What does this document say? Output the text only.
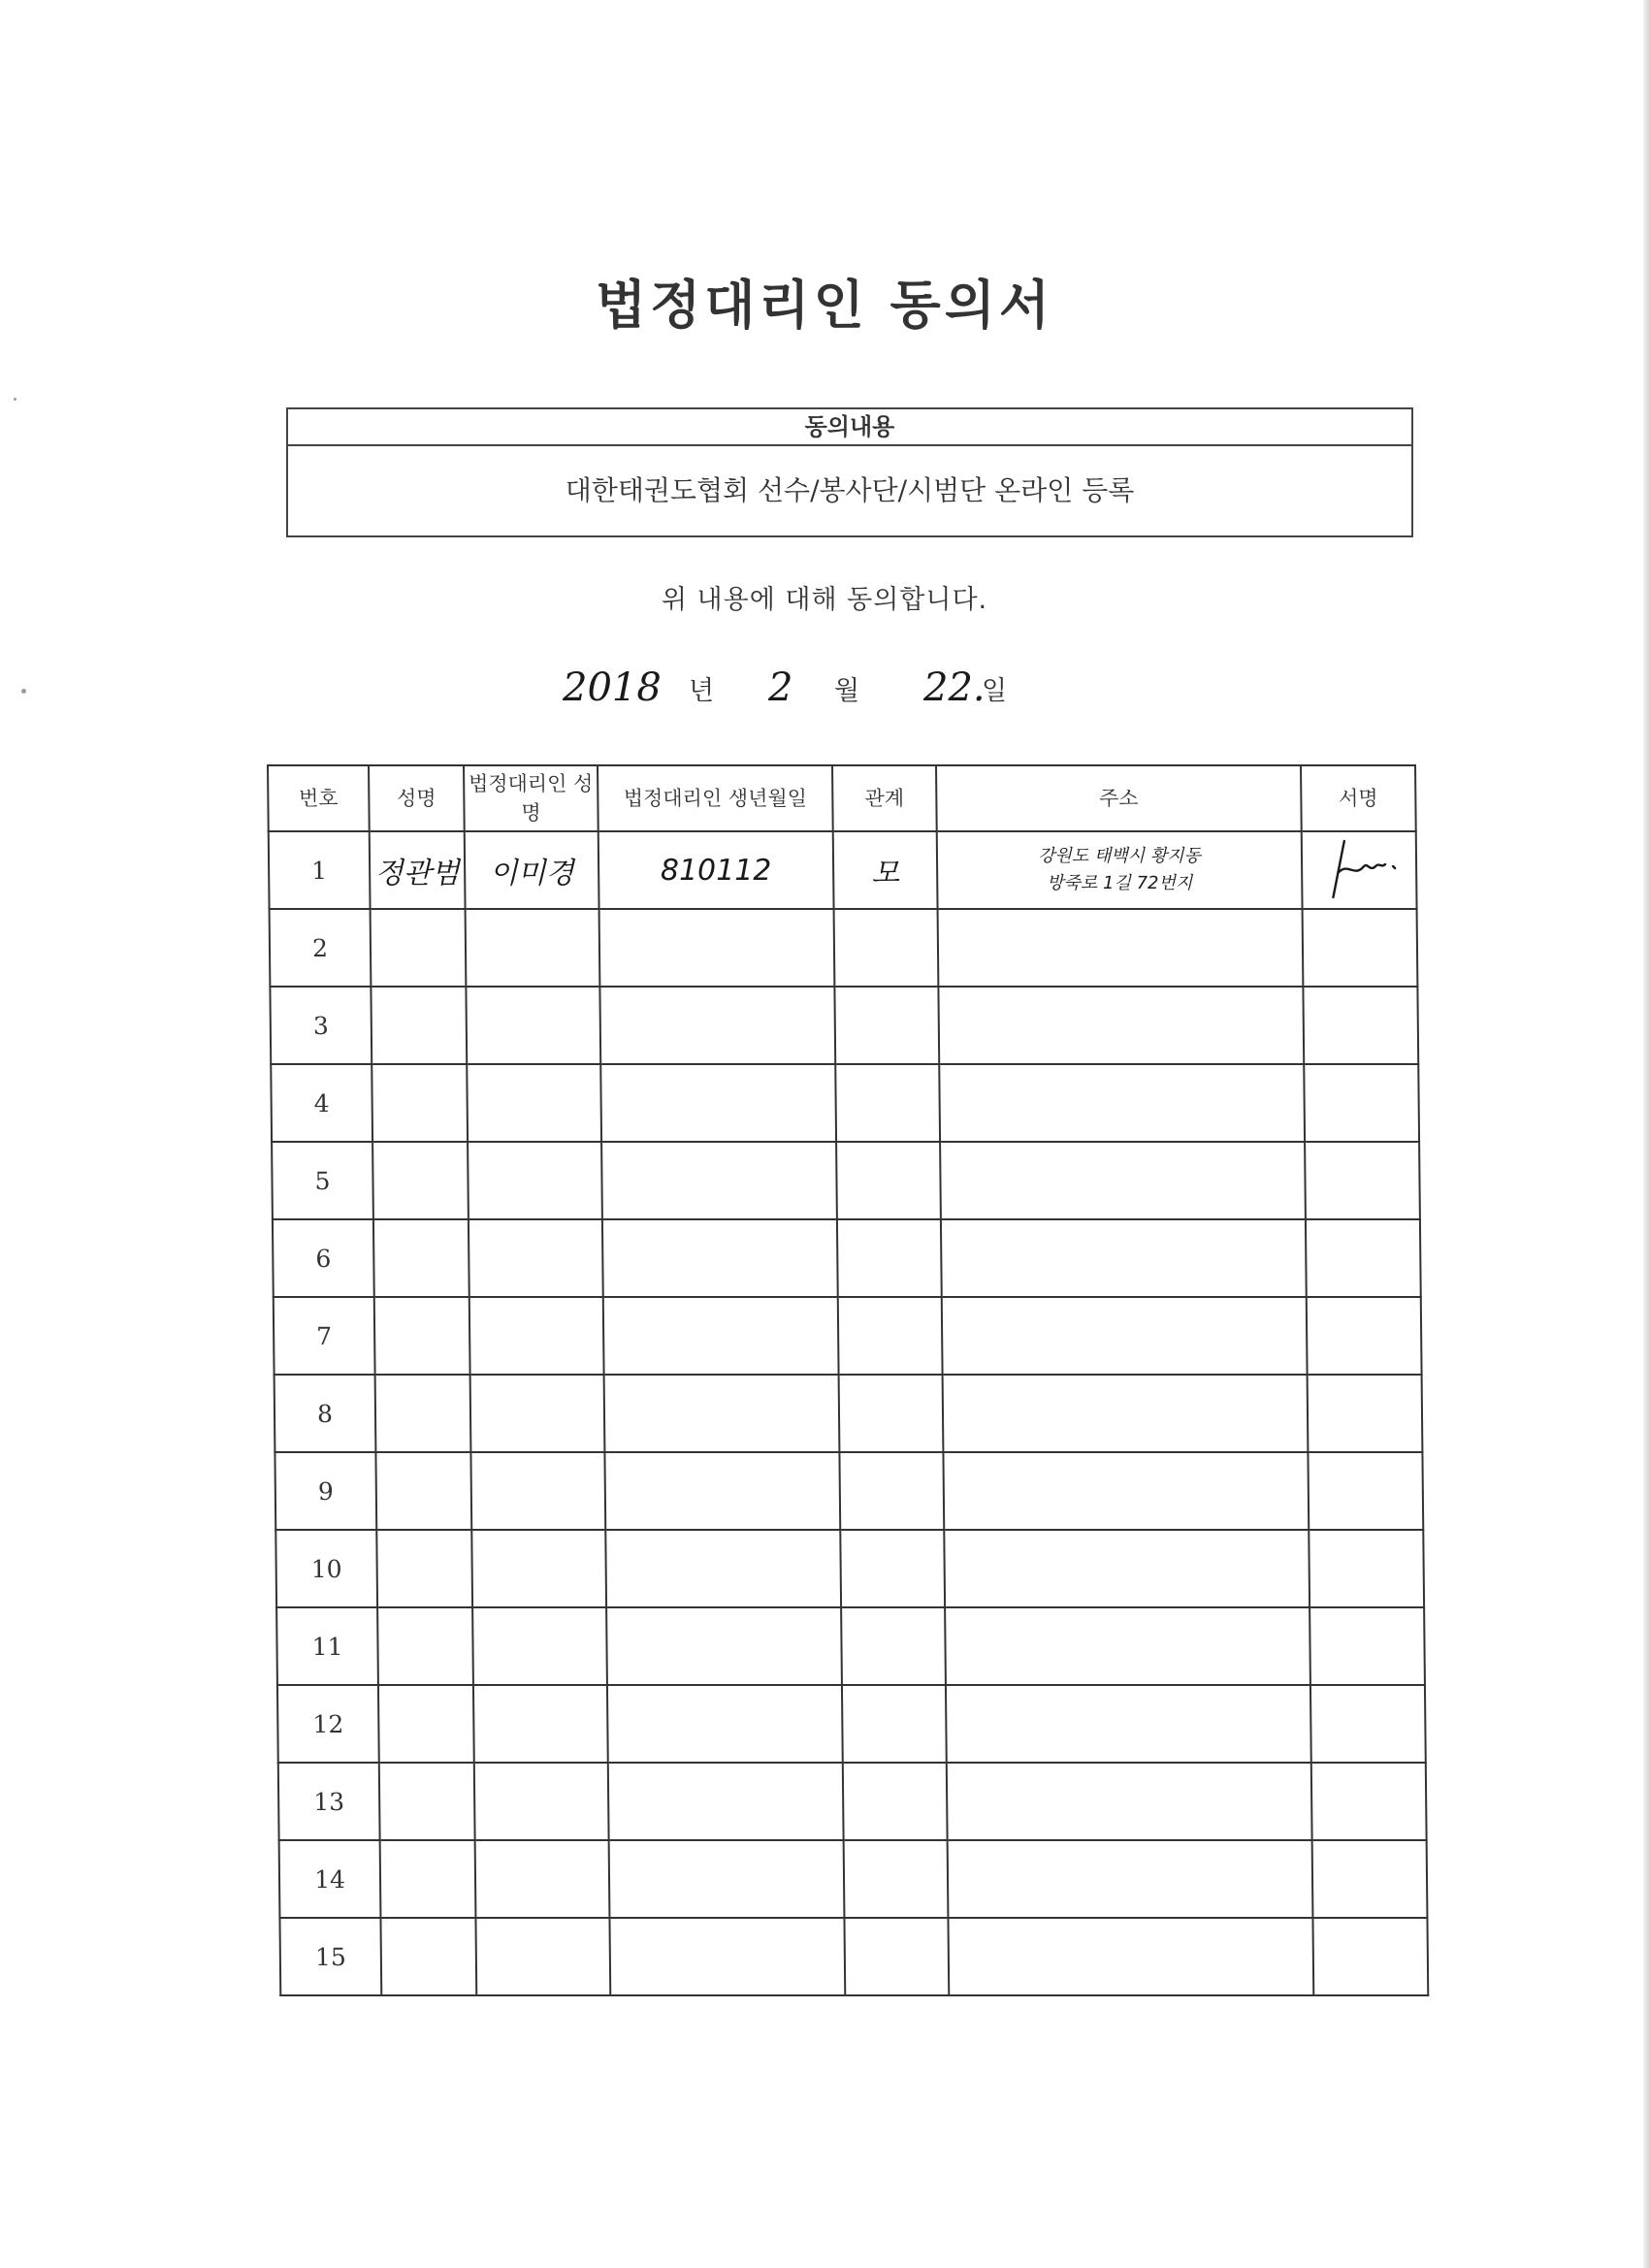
법정대리인 동의서
동의내용
대한태권도협회 선수/봉사단/시범단 온라인 등록
위 내용에 대해 동의합니다.
2018 년 2 월 22.
일
번호	성명	법정대리인 성명	법정대리인 생년월일	관계	주소	서명
1	정관범	이미경	810112	모	강원도 태백시 황지동
방죽로 1길 72번지

2						
3						
4						
5						
6						
7						
8						
9						
10						
11						
12						
13						
14						
15						
